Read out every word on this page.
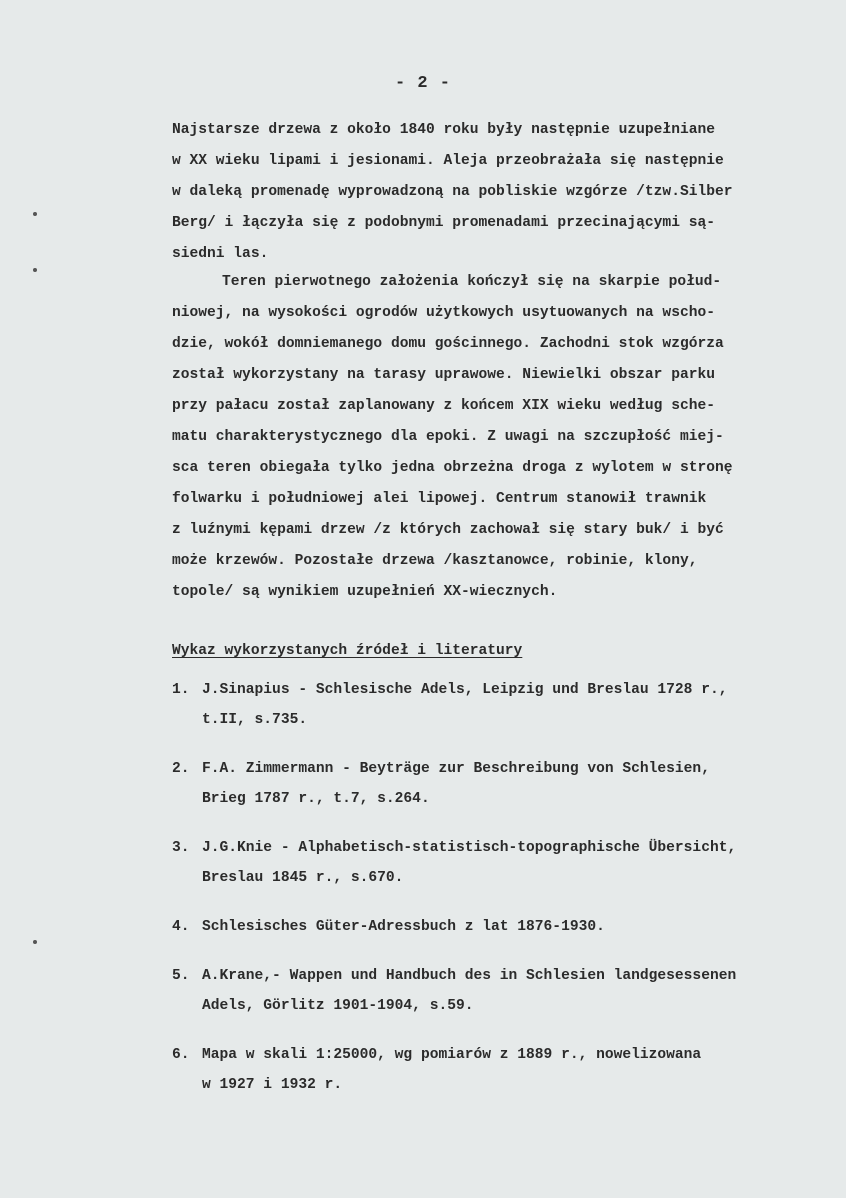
- 2 -
Najstarsze drzewa z około 1840 roku były następnie uzupełniane
w XX wieku lipami i jesionami. Aleja przeobrażała się następnie
w daleką promenadę wyprowadzoną na pobliskie wzgórze /tzw.Silber
Berg/ i łączyła się z podobnymi promenadami przecinającymi są-
siedni las.
Teren pierwotnego założenia kończył się na skarpie połud-
niowej, na wysokości ogrodów użytkowych usytuowanych na wscho-
dzie, wokół domniemanego domu gościnnego. Zachodni stok wzgórza
został wykorzystany na tarasy uprawowe. Niewielki obszar parku
przy pałacu został zaplanowany z końcem XIX wieku według sche-
matu charakterystycznego dla epoki. Z uwagi na szczupłość miej-
sca teren obiegała tylko jedna obrzeżna droga z wylotem w stronę
folwarku i południowej alei lipowej. Centrum stanowił trawnik
z luźnymi kępami drzew /z których zachował się stary buk/ i być
może krzewów. Pozostałe drzewa /kasztanowce, robinie, klony,
topole/ są wynikiem uzupełnień XX-wiecznych.
Wykaz wykorzystanych źródeł i literatury
1. J.Sinapius - Schlesische Adels, Leipzig und Breslau 1728 r.,
t.II, s.735.
2. F.A. Zimmermann - Beyträge zur Beschreibung von Schlesien,
Brieg 1787 r., t.7, s.264.
3. J.G.Knie - Alphabetisch-statistisch-topographische Übersicht,
Breslau 1845 r., s.670.
4. Schlesisches Güter-Adressbuch z lat 1876-1930.
5. A.Krane,- Wappen und Handbuch des in Schlesien landgesessenen
Adels, Görlitz 1901-1904, s.59.
6. Mapa w skali 1:25000, wg pomiarów z 1889 r., nowelizowana
w 1927 i 1932 r.
